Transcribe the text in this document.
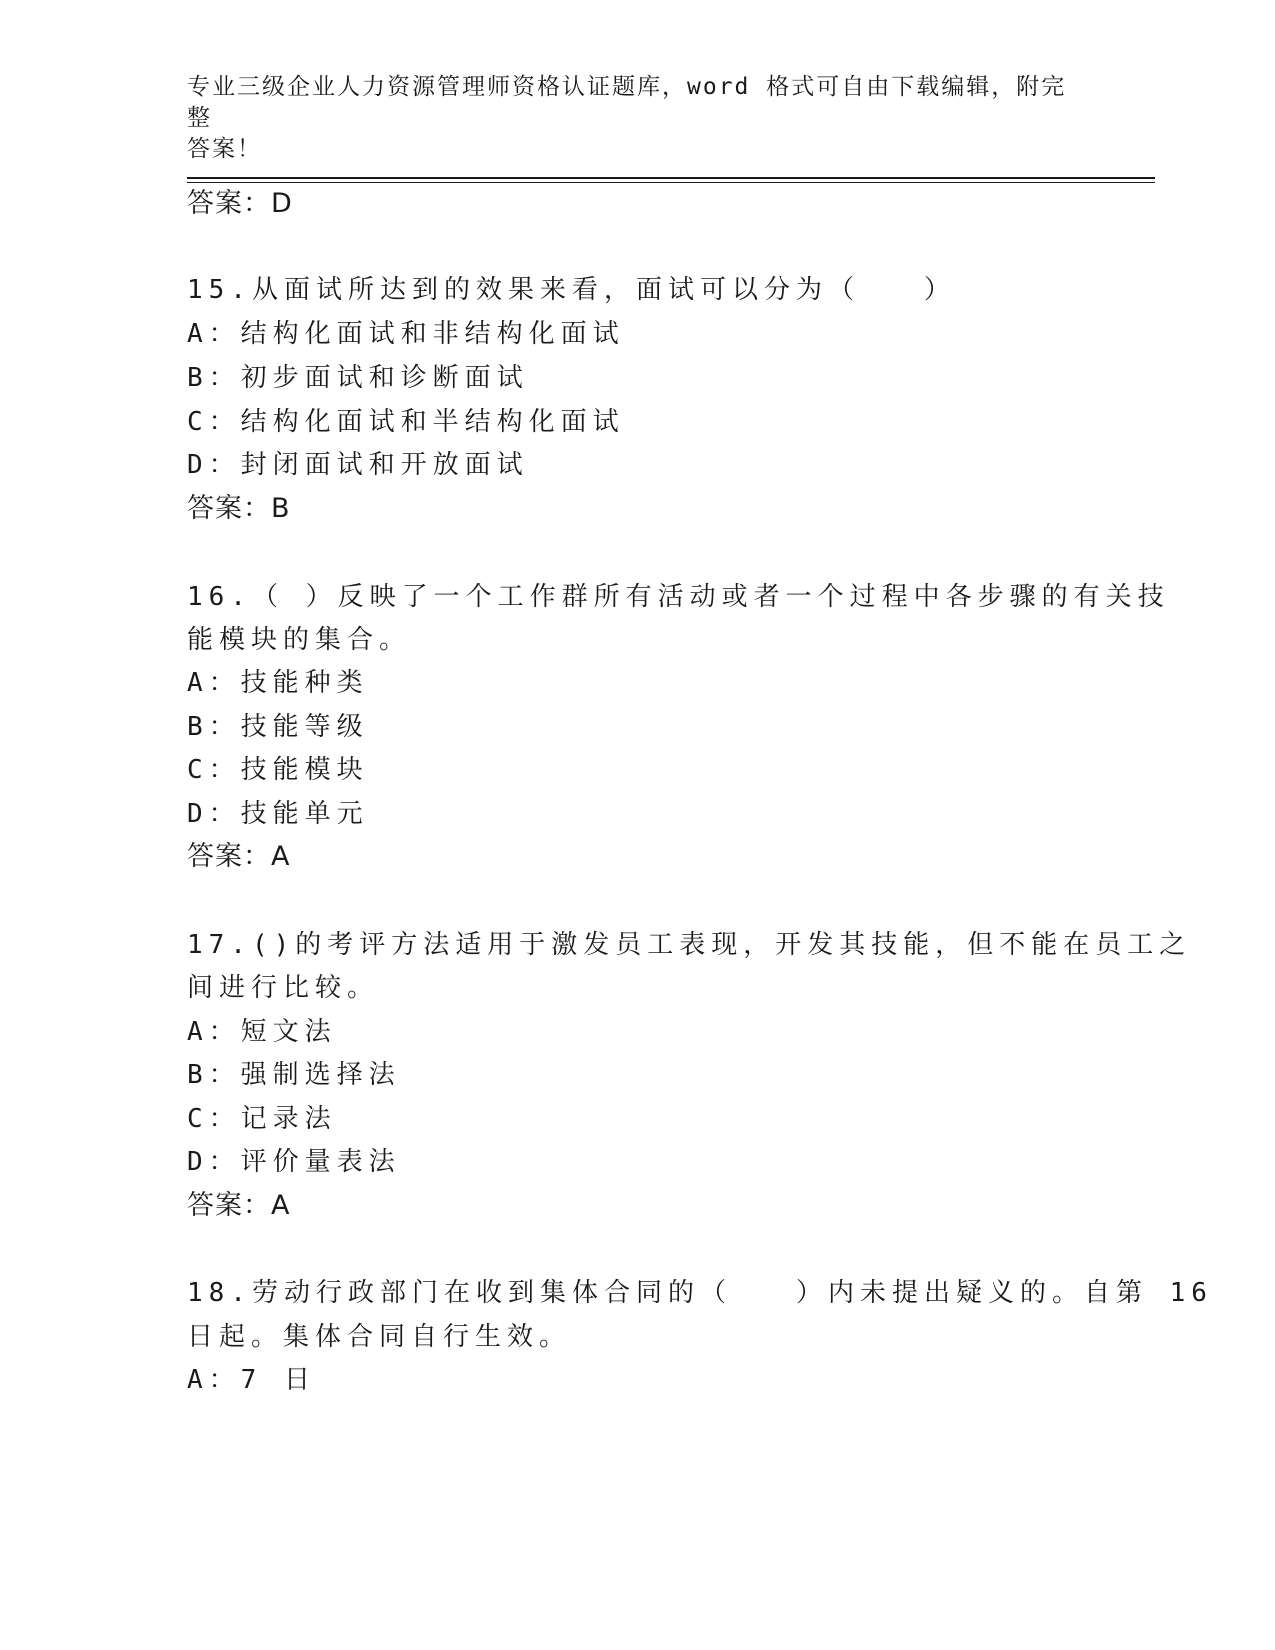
专业三级企业人力资源管理师资格认证题库，word 格式可自由下载编辑，附完整
答案！
答案：D
15.从面试所达到的效果来看，面试可以分为（　　）
A：结构化面试和非结构化面试
B：初步面试和诊断面试
C：结构化面试和半结构化面试
D：封闭面试和开放面试
答案：B
16.（ ）反映了一个工作群所有活动或者一个过程中各步骤的有关技
能模块的集合。
A：技能种类
B：技能等级
C：技能模块
D：技能单元
答案：A
17.()的考评方法适用于激发员工表现，开发其技能，但不能在员工之
间进行比较。
A：短文法
B：强制选择法
C：记录法
D：评价量表法
答案：A
18.劳动行政部门在收到集体合同的（　　）内未提出疑义的。自第 16
日起。集体合同自行生效。
A：7 日
